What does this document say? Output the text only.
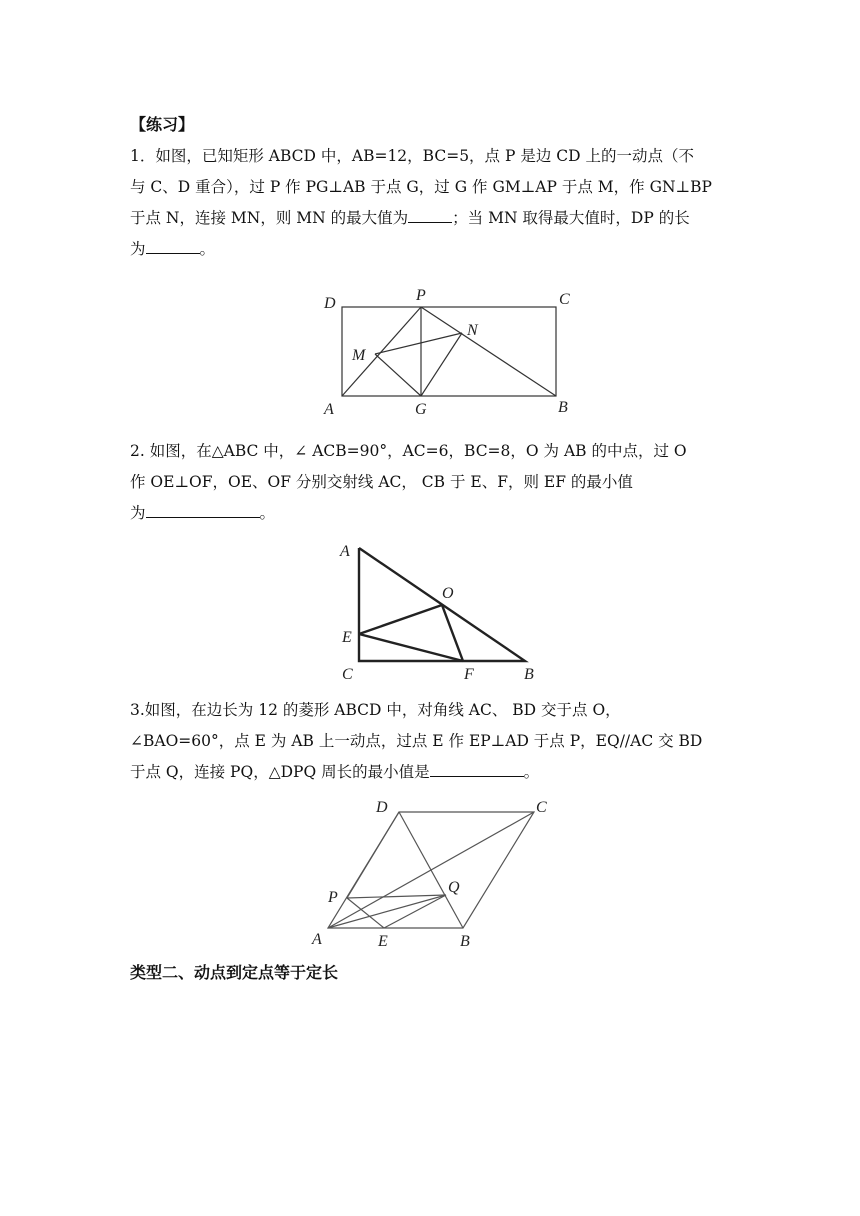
【练习】
1．如图，已知矩形 ABCD 中，AB=12，BC=5，点 P 是边 CD 上的一动点（不
与 C、D 重合），过 P 作 PG⊥AB 于点 G，过 G 作 GM⊥AP 于点 M，作 GN⊥BP
于点 N，连接 MN，则 MN 的最大值为	；当 MN 取得最大值时，DP 的长
为	。
D	P	C
N
M
A	G	B
2. 如图，在△ABC 中，∠ ACB=90°，AC=6，BC=8，O 为 AB 的中点，过 O
作 OE⊥OF，OE、OF 分别交射线 AC， CB 于 E、F，则 EF 的最小值
为	。
A
O
E
C	F	B
3.如图，在边长为 12 的菱形 ABCD 中，对角线 AC、 BD 交于点 O，
∠BAO=60°，点 E 为 AB 上一动点，过点 E 作 EP⊥AD 于点 P，EQ//AC 交 BD
于点 Q，连接 PQ，△DPQ 周长的最小值是	。
D	C
P
Q
A	E	B
类型二、动点到定点等于定长
